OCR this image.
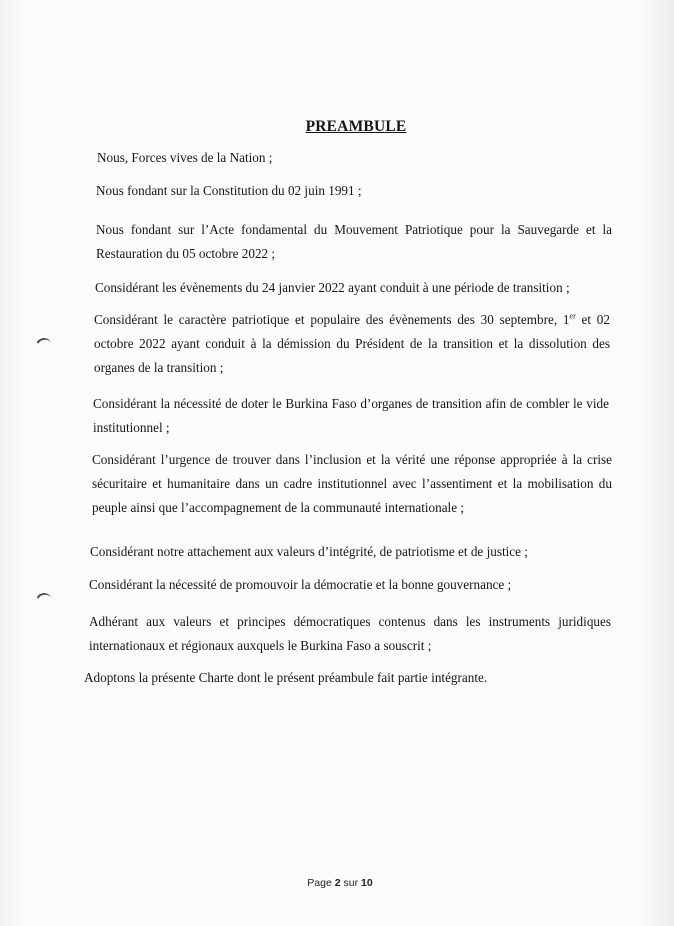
PREAMBULE

Nous, Forces vives de la Nation ;

Nous fondant sur la Constitution du 02 juin 1991 ;

Nous fondant sur l’Acte fondamental du Mouvement Patriotique pour la Sauvegarde et la Restauration du 05 octobre 2022 ;

Considérant les évènements du 24 janvier 2022 ayant conduit à une période de transition ;

Considérant le caractère patriotique et populaire des évènements des 30 septembre, 1er et 02 octobre 2022 ayant conduit à la démission du Président de la transition et la dissolution des organes de la transition ;

Considérant la nécessité de doter le Burkina Faso d’organes de transition afin de combler le vide institutionnel ;

Considérant l’urgence de trouver dans l’inclusion et la vérité une réponse appropriée à la crise sécuritaire et humanitaire dans un cadre institutionnel avec l’assentiment et la mobilisation du peuple ainsi que l’accompagnement de la communauté internationale ;

Considérant notre attachement aux valeurs d’intégrité, de patriotisme et de justice ;

Considérant la nécessité de promouvoir la démocratie et la bonne gouvernance ;

Adhérant aux valeurs et principes démocratiques contenus dans les instruments juridiques internationaux et régionaux auxquels le Burkina Faso a souscrit ;

Adoptons la présente Charte dont le présent préambule fait partie intégrante.

Page 2 sur 10
